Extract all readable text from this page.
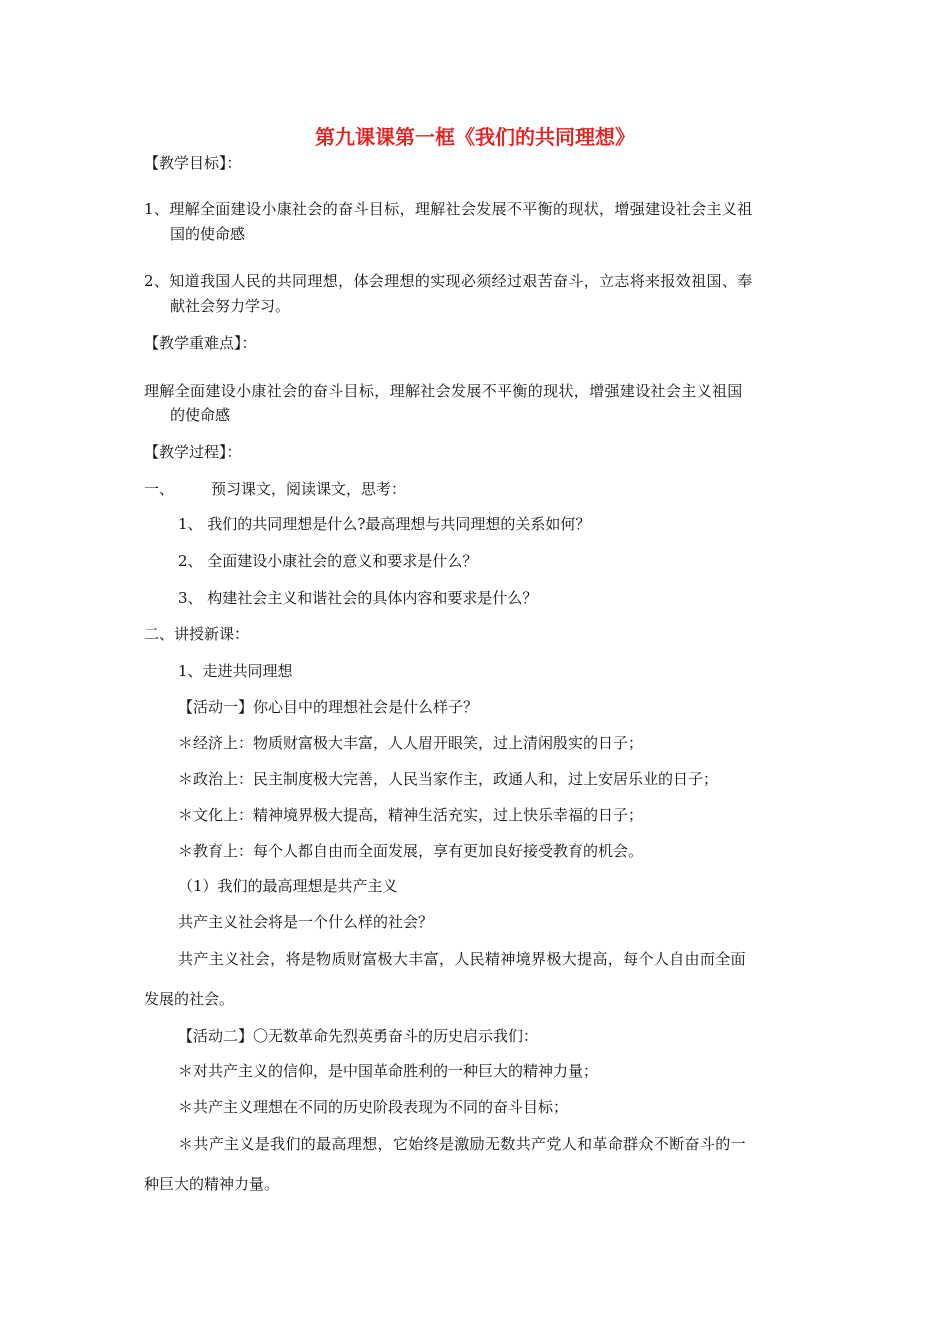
第九课课第一框《我们的共同理想》
【教学目标】：
1、理解全面建设小康社会的奋斗目标，理解社会发展不平衡的现状，增强建设社会主义祖
国的使命感
2、知道我国人民的共同理想，体会理想的实现必须经过艰苦奋斗，立志将来报效祖国、奉
献社会努力学习。
【教学重难点】：
理解全面建设小康社会的奋斗目标，理解社会发展不平衡的现状，增强建设社会主义祖国
的使命感
【教学过程】：
一、 预习课文，阅读课文，思考：
1、 我们的共同理想是什么?最高理想与共同理想的关系如何？
2、 全面建设小康社会的意义和要求是什么？
3、 构建社会主义和谐社会的具体内容和要求是什么？
二、讲授新课：
1、走进共同理想
【活动一】你心目中的理想社会是什么样子？
＊经济上：物质财富极大丰富，人人眉开眼笑，过上清闲殷实的日子；
＊政治上：民主制度极大完善，人民当家作主，政通人和，过上安居乐业的日子；
＊文化上：精神境界极大提高，精神生活充实，过上快乐幸福的日子；
＊教育上：每个人都自由而全面发展，享有更加良好接受教育的机会。
（1）我们的最高理想是共产主义
共产主义社会将是一个什么样的社会？
共产主义社会，将是物质财富极大丰富，人民精神境界极大提高，每个人自由而全面
发展的社会。
【活动二】〇无数革命先烈英勇奋斗的历史启示我们：
＊对共产主义的信仰，是中国革命胜利的一种巨大的精神力量；
＊共产主义理想在不同的历史阶段表现为不同的奋斗目标；
＊共产主义是我们的最高理想，它始终是激励无数共产党人和革命群众不断奋斗的一
种巨大的精神力量。
